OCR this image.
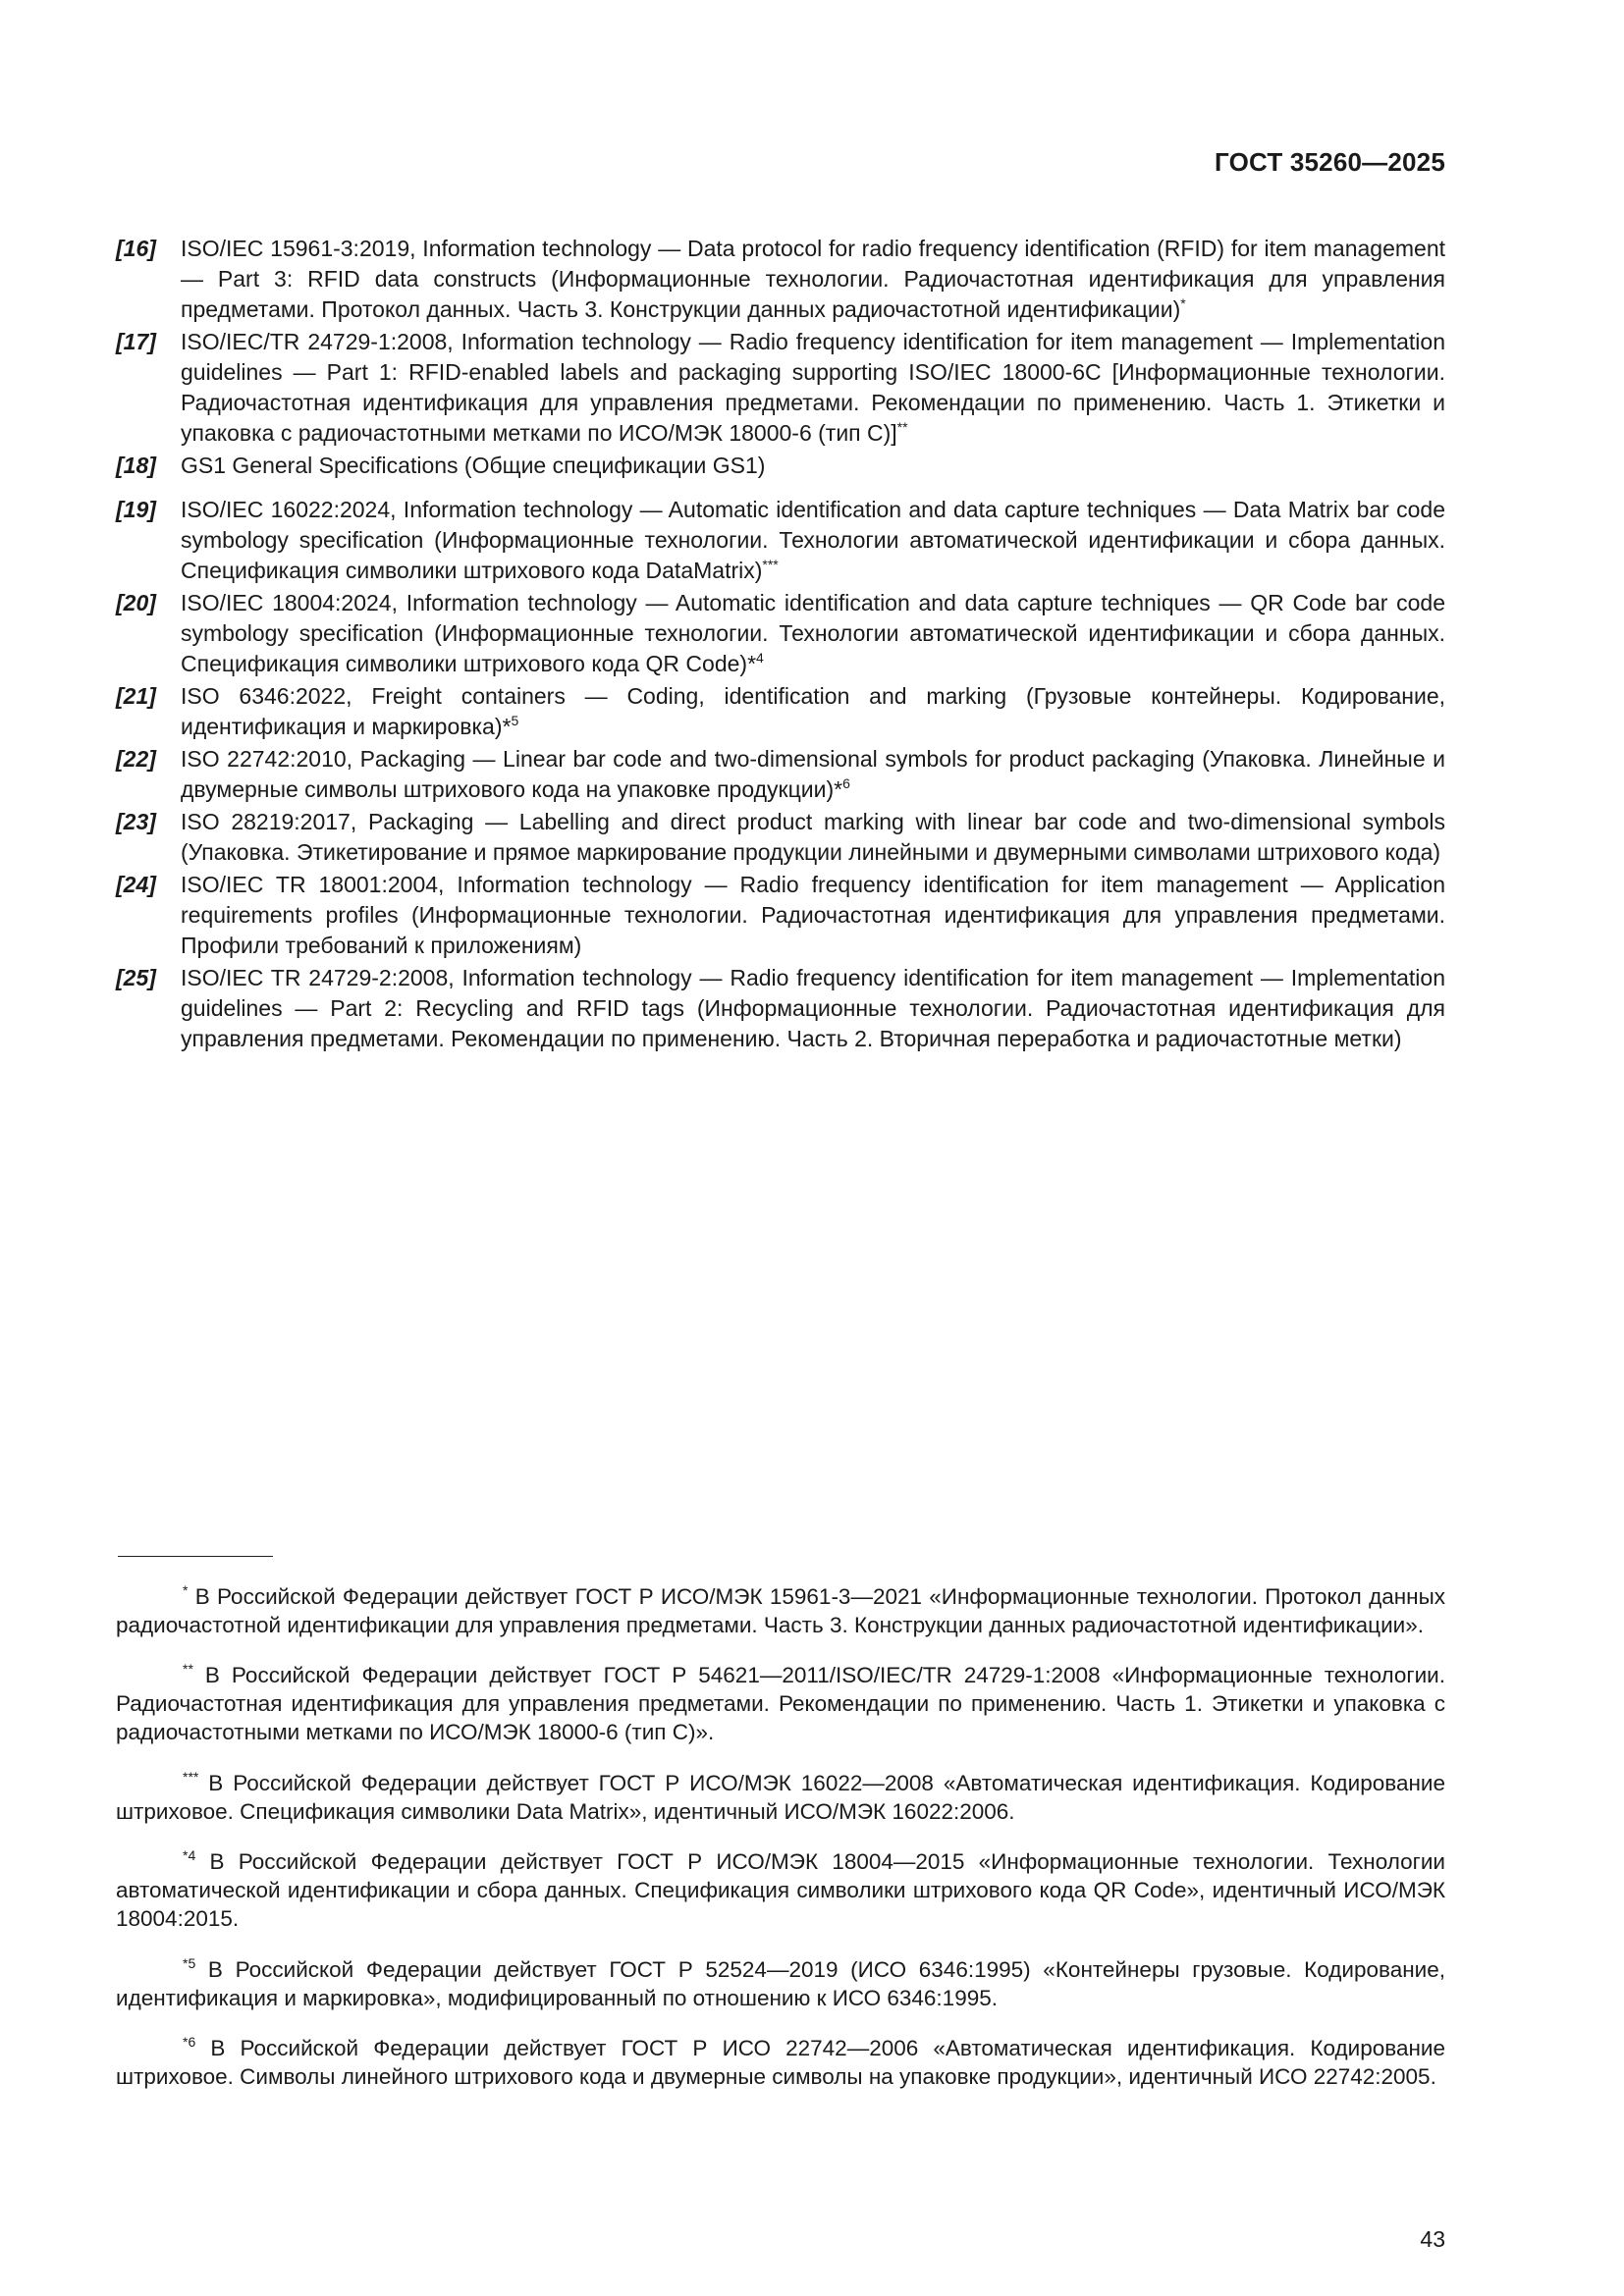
ГОСТ 35260—2025
[16]	ISO/IEC 15961-3:2019, Information technology — Data protocol for radio frequency identification (RFID) for item management — Part 3: RFID data constructs (Информационные технологии. Радиочастотная идентификация для управления предметами. Протокол данных. Часть 3. Конструкции данных радиочастотной идентификации)*
[17]	ISO/IEC/TR 24729-1:2008, Information technology — Radio frequency identification for item management — Implementation guidelines — Part 1: RFID-enabled labels and packaging supporting ISO/IEC 18000-6C [Информационные технологии. Радиочастотная идентификация для управления предметами. Рекомендации по применению. Часть 1. Этикетки и упаковка с радиочастотными метками по ИСО/МЭК 18000-6 (тип С)]**
[18]	GS1 General Specifications (Общие спецификации GS1)
[19]	ISO/IEC 16022:2024, Information technology — Automatic identification and data capture techniques — Data Matrix bar code symbology specification (Информационные технологии. Технологии автоматической идентификации и сбора данных. Спецификация символики штрихового кода DataMatrix)***
[20]	ISO/IEC 18004:2024, Information technology — Automatic identification and data capture techniques — QR Code bar code symbology specification (Информационные технологии. Технологии автоматической идентификации и сбора данных. Спецификация символики штрихового кода QR Code)*$^4$
[21]	ISO 6346:2022, Freight containers — Coding, identification and marking (Грузовые контейнеры. Кодирование, идентификация и маркировка)*$^5$
[22]	ISO 22742:2010, Packaging — Linear bar code and two-dimensional symbols for product packaging (Упаковка. Линейные и двумерные символы штрихового кода на упаковке продукции)*$^6$
[23]	ISO 28219:2017, Packaging — Labelling and direct product marking with linear bar code and two-dimensional symbols (Упаковка. Этикетирование и прямое маркирование продукции линейными и двумерными символами штрихового кода)
[24]	ISO/IEC TR 18001:2004, Information technology — Radio frequency identification for item management — Application requirements profiles (Информационные технологии. Радиочастотная идентификация для управления предметами. Профили требований к приложениям)
[25]	ISO/IEC TR 24729-2:2008, Information technology — Radio frequency identification for item management — Implementation guidelines — Part 2: Recycling and RFID tags (Информационные технологии. Радиочастотная идентификация для управления предметами. Рекомендации по применению. Часть 2. Вторичная переработка и радиочастотные метки)

* В Российской Федерации действует ГОСТ Р ИСО/МЭК 15961-3—2021 «Информационные технологии. Протокол данных радиочастотной идентификации для управления предметами. Часть 3. Конструкции данных радиочастотной идентификации».

** В Российской Федерации действует ГОСТ Р 54621—2011/ISO/IEC/TR 24729-1:2008 «Информационные технологии. Радиочастотная идентификация для управления предметами. Рекомендации по применению. Часть 1. Этикетки и упаковка с радиочастотными метками по ИСО/МЭК 18000-6 (тип С)».

*** В Российской Федерации действует ГОСТ Р ИСО/МЭК 16022—2008 «Автоматическая идентификация. Кодирование штриховое. Спецификация символики Data Matrix», идентичный ИСО/МЭК 16022:2006.

$^{*4}$ В Российской Федерации действует ГОСТ Р ИСО/МЭК 18004—2015 «Информационные технологии. Технологии автоматической идентификации и сбора данных. Спецификация символики штрихового кода QR Code», идентичный ИСО/МЭК 18004:2015.

$^{*5}$ В Российской Федерации действует ГОСТ Р 52524—2019 (ИСО 6346:1995) «Контейнеры грузовые. Кодирование, идентификация и маркировка», модифицированный по отношению к ИСО 6346:1995.

$^{*6}$ В Российской Федерации действует ГОСТ Р ИСО 22742—2006 «Автоматическая идентификация. Кодирование штриховое. Символы линейного штрихового кода и двумерные символы на упаковке продукции», идентичный ИСО 22742:2005.

43
